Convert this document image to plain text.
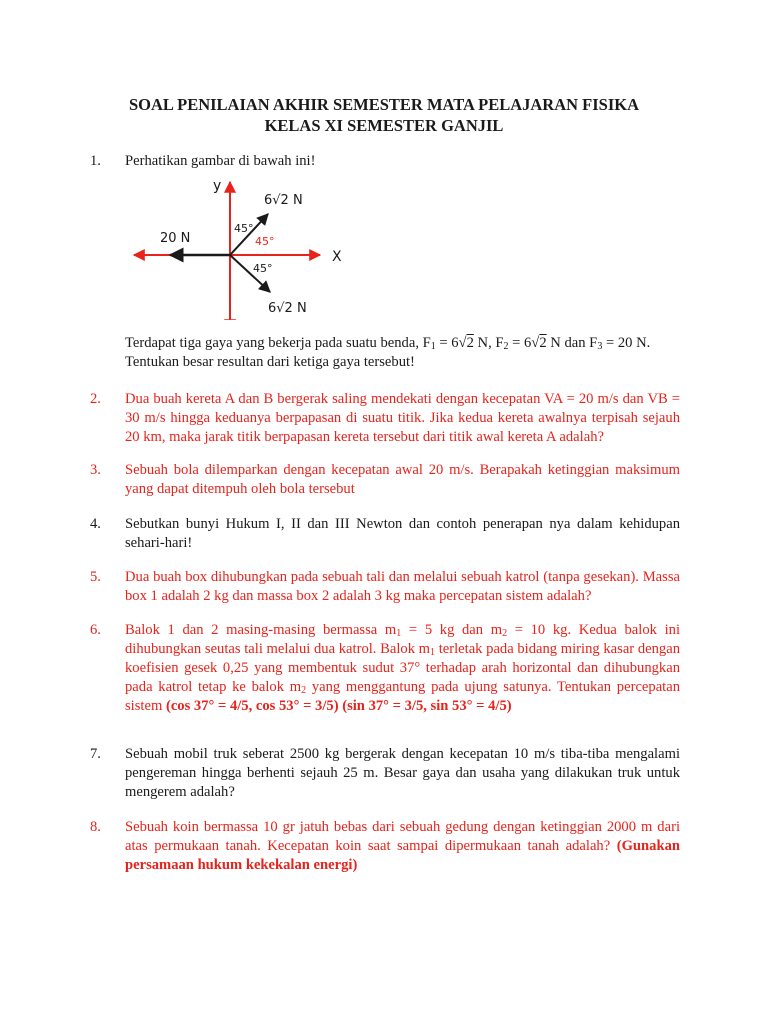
SOAL PENILAIAN AKHIR SEMESTER MATA PELAJARAN FISIKA
KELAS XI SEMESTER GANJIL
1. Perhatikan gambar di bawah ini!
y
X
6√2 N
6√2 N
20 N
45°
45°
45°
Terdapat tiga gaya yang bekerja pada suatu benda, $F_1 = 6√2$ N, $F_2 = 6√2$ N dan $F_3 = 20$ N.
Tentukan besar resultan dari ketiga gaya tersebut!
2. Dua buah kereta A dan B bergerak saling mendekati dengan kecepatan VA = 20 m/s dan VB = 30 m/s hingga keduanya berpapasan di suatu titik. Jika kedua kereta awalnya terpisah sejauh 20 km, maka jarak titik berpapasan kereta tersebut dari titik awal kereta A adalah?
3. Sebuah bola dilemparkan dengan kecepatan awal 20 m/s. Berapakah ketinggian maksimum yang dapat ditempuh oleh bola tersebut
4. Sebutkan bunyi Hukum I, II dan III Newton dan contoh penerapan nya dalam kehidupan sehari-hari!
5. Dua buah box dihubungkan pada sebuah tali dan melalui sebuah katrol (tanpa gesekan). Massa box 1 adalah 2 kg dan massa box 2 adalah 3 kg maka percepatan sistem adalah?
6. Balok 1 dan 2 masing-masing bermassa $m_1 = 5$ kg dan $m_2 = 10$ kg. Kedua balok ini dihubungkan seutas tali melalui dua katrol. Balok $m_1$ terletak pada bidang miring kasar dengan koefisien gesek 0,25 yang membentuk sudut 37° terhadap arah horizontal dan dihubungkan pada katrol tetap ke balok $m_2$ yang menggantung pada ujung satunya. Tentukan percepatan sistem (cos 37° = 4/5, cos 53° = 3/5) (sin 37° = 3/5, sin 53° = 4/5)
7. Sebuah mobil truk seberat 2500 kg bergerak dengan kecepatan 10 m/s tiba-tiba mengalami pengereman hingga berhenti sejauh 25 m. Besar gaya dan usaha yang dilakukan truk untuk mengerem adalah?
8. Sebuah koin bermassa 10 gr jatuh bebas dari sebuah gedung dengan ketinggian 2000 m dari atas permukaan tanah. Kecepatan koin saat sampai dipermukaan tanah adalah? (Gunakan persamaan hukum kekekalan energi)
